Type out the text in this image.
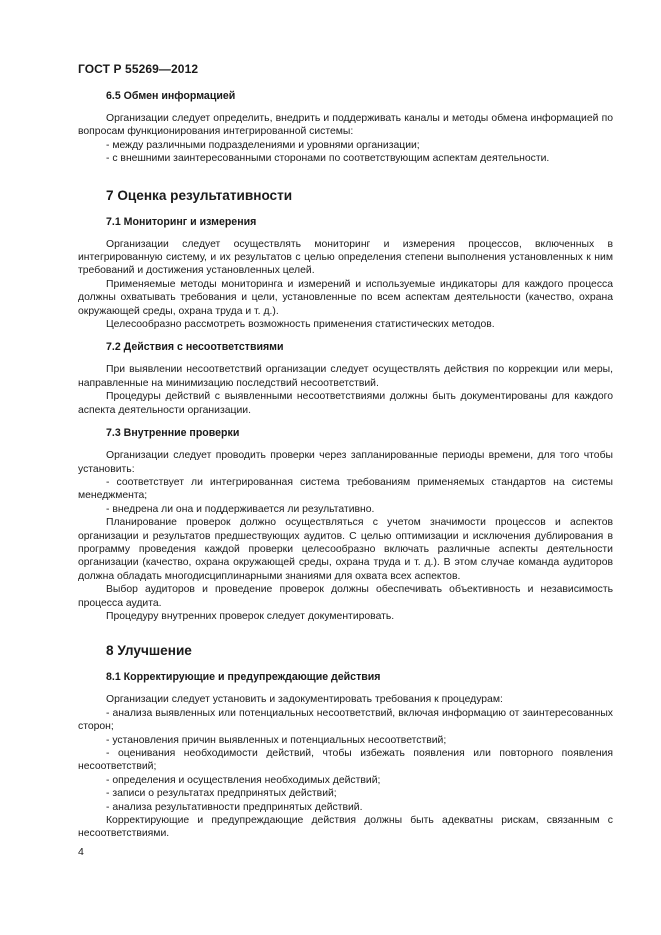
ГОСТ Р 55269—2012
6.5 Обмен информацией

Организации следует определить, внедрить и поддерживать каналы и методы обмена информацией по вопросам функционирования интегрированной системы:

- между различными подразделениями и уровнями организации;

- с внешними заинтересованными сторонами по соответствующим аспектам деятельности.

7 Оценка результативности
7.1 Мониторинг и измерения

Организации следует осуществлять мониторинг и измерения процессов, включенных в интегрированную систему, и их результатов с целью определения степени выполнения установленных к ним требований и достижения установленных целей.

Применяемые методы мониторинга и измерений и используемые индикаторы для каждого процесса должны охватывать требования и цели, установленные по всем аспектам деятельности (качество, охрана окружающей среды, охрана труда и т. д.).

Целесообразно рассмотреть возможность применения статистических методов.

7.2 Действия с несоответствиями

При выявлении несоответствий организации следует осуществлять действия по коррекции или меры, направленные на минимизацию последствий несоответствий.

Процедуры действий с выявленными несоответствиями должны быть документированы для каждого аспекта деятельности организации.

7.3 Внутренние проверки

Организации следует проводить проверки через запланированные периоды времени, для того чтобы установить:

- соответствует ли интегрированная система требованиям применяемых стандартов на системы менеджмента;

- внедрена ли она и поддерживается ли результативно.

Планирование проверок должно осуществляться с учетом значимости процессов и аспектов организации и результатов предшествующих аудитов. С целью оптимизации и исключения дублирования в программу проведения каждой проверки целесообразно включать различные аспекты деятельности организации (качество, охрана окружающей среды, охрана труда и т. д.). В этом случае команда аудиторов должна обладать многодисциплинарными знаниями для охвата всех аспектов.

Выбор аудиторов и проведение проверок должны обеспечивать объективность и независимость процесса аудита.

Процедуру внутренних проверок следует документировать.

8 Улучшение
8.1 Корректирующие и предупреждающие действия

Организации следует установить и задокументировать требования к процедурам:

- анализа выявленных или потенциальных несоответствий, включая информацию от заинтересованных сторон;

- установления причин выявленных и потенциальных несоответствий;

- оценивания необходимости действий, чтобы избежать появления или повторного появления несоответствий;

- определения и осуществления необходимых действий;

- записи о результатах предпринятых действий;

- анализа результативности предпринятых действий.

Корректирующие и предупреждающие действия должны быть адекватны рискам, связанным с несоответствиями.

4
